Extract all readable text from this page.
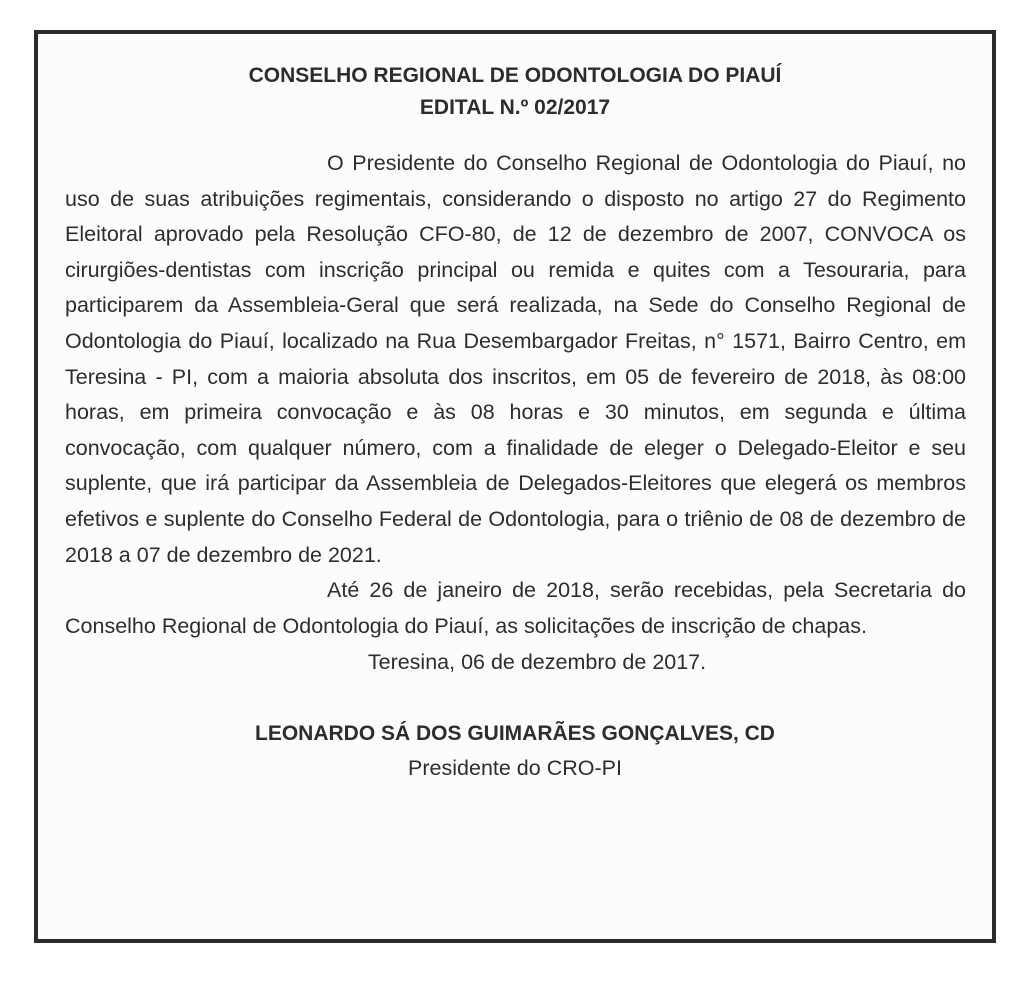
CONSELHO REGIONAL DE ODONTOLOGIA DO PIAUÍ
EDITAL N.º 02/2017

O Presidente do Conselho Regional de Odontologia do Piauí, no uso de suas atribuições regimentais, considerando o disposto no artigo 27 do Regimento Eleitoral aprovado pela Resolução CFO-80, de 12 de dezembro de 2007, CONVOCA os cirurgiões-dentistas com inscrição principal ou remida e quites com a Tesouraria, para participarem da Assembleia-Geral que será realizada, na Sede do Conselho Regional de Odontologia do Piauí, localizado na Rua Desembargador Freitas, n° 1571, Bairro Centro, em Teresina - PI, com a maioria absoluta dos inscritos, em 05 de fevereiro de 2018, às 08:00 horas, em primeira convocação e às 08 horas e 30 minutos, em segunda e última convocação, com qualquer número, com a finalidade de eleger o Delegado-Eleitor e seu suplente, que irá participar da Assembleia de Delegados-Eleitores que elegerá os membros efetivos e suplente do Conselho Federal de Odontologia, para o triênio de 08 de dezembro de 2018 a 07 de dezembro de 2021.

Até 26 de janeiro de 2018, serão recebidas, pela Secretaria do Conselho Regional de Odontologia do Piauí, as solicitações de inscrição de chapas.

Teresina, 06 de dezembro de 2017.
LEONARDO SÁ DOS GUIMARÃES GONÇALVES, CD
Presidente do CRO-PI
